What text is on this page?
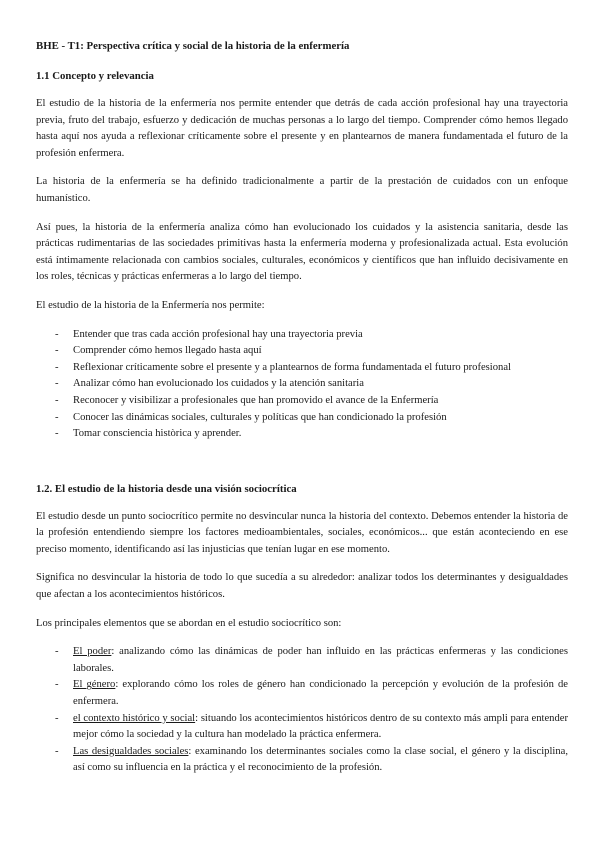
BHE - T1: Perspectiva crítica y social de la historia de la enfermería
1.1 Concepto y relevancia

El estudio de la historia de la enfermería nos permite entender que detrás de cada acción profesional hay una trayectoria previa, fruto del trabajo, esfuerzo y dedicación de muchas personas a lo largo del tiempo. Comprender cómo hemos llegado hasta aquí nos ayuda a reflexionar críticamente sobre el presente y en plantearnos de manera fundamentada el futuro de la profesión enfermera.

La historia de la enfermería se ha definido tradicionalmente a partir de la prestación de cuidados con un enfoque humanístico.

Así pues, la historia de la enfermería analiza cómo han evolucionado los cuidados y la asistencia sanitaria, desde las prácticas rudimentarias de las sociedades primitivas hasta la enfermería moderna y profesionalizada actual. Esta evolución está íntimamente relacionada con cambios sociales, culturales, económicos y científicos que han influido decisivamente en los roles, técnicas y prácticas enfermeras a lo largo del tiempo.

El estudio de la historia de la Enfermería nos permite:

- Entender que tras cada acción profesional hay una trayectoria previa
- Comprender cómo hemos llegado hasta aquí
- Reflexionar críticamente sobre el presente y a plantearnos de forma fundamentada el futuro profesional
- Analizar cómo han evolucionado los cuidados y la atención sanitaria
- Reconocer y visibilizar a profesionales que han promovido el avance de la Enfermería
- Conocer las dinámicas sociales, culturales y políticas que han condicionado la profesión
- Tomar consciencia històrica y aprender.
1.2. El estudio de la historia desde una visión sociocrítica

El estudio desde un punto sociocrítico permite no desvincular nunca la historia del contexto. Debemos entender la historia de la profesión entendiendo siempre los factores medioambientales, sociales, económicos... que están aconteciendo en ese preciso momento, identificando así las injusticias que tenían lugar en ese momento.

Significa no desvincular la historia de todo lo que sucedía a su alrededor: analizar todos los determinantes y desigualdades que afectan a los acontecimientos históricos.

Los principales elementos que se abordan en el estudio sociocrítico son:

- El poder: analizando cómo las dinámicas de poder han influido en las prácticas enfermeras y las condiciones laborales.
- El género: explorando cómo los roles de género han condicionado la percepción y evolución de la profesión de enfermera.
- el contexto histórico y social: situando los acontecimientos históricos dentro de su contexto más ampli para entender mejor cómo la sociedad y la cultura han modelado la práctica enfermera.
- Las desigualdades sociales: examinando los determinantes sociales como la clase social, el género y la disciplina, así como su influencia en la práctica y el reconocimiento de la profesión.
